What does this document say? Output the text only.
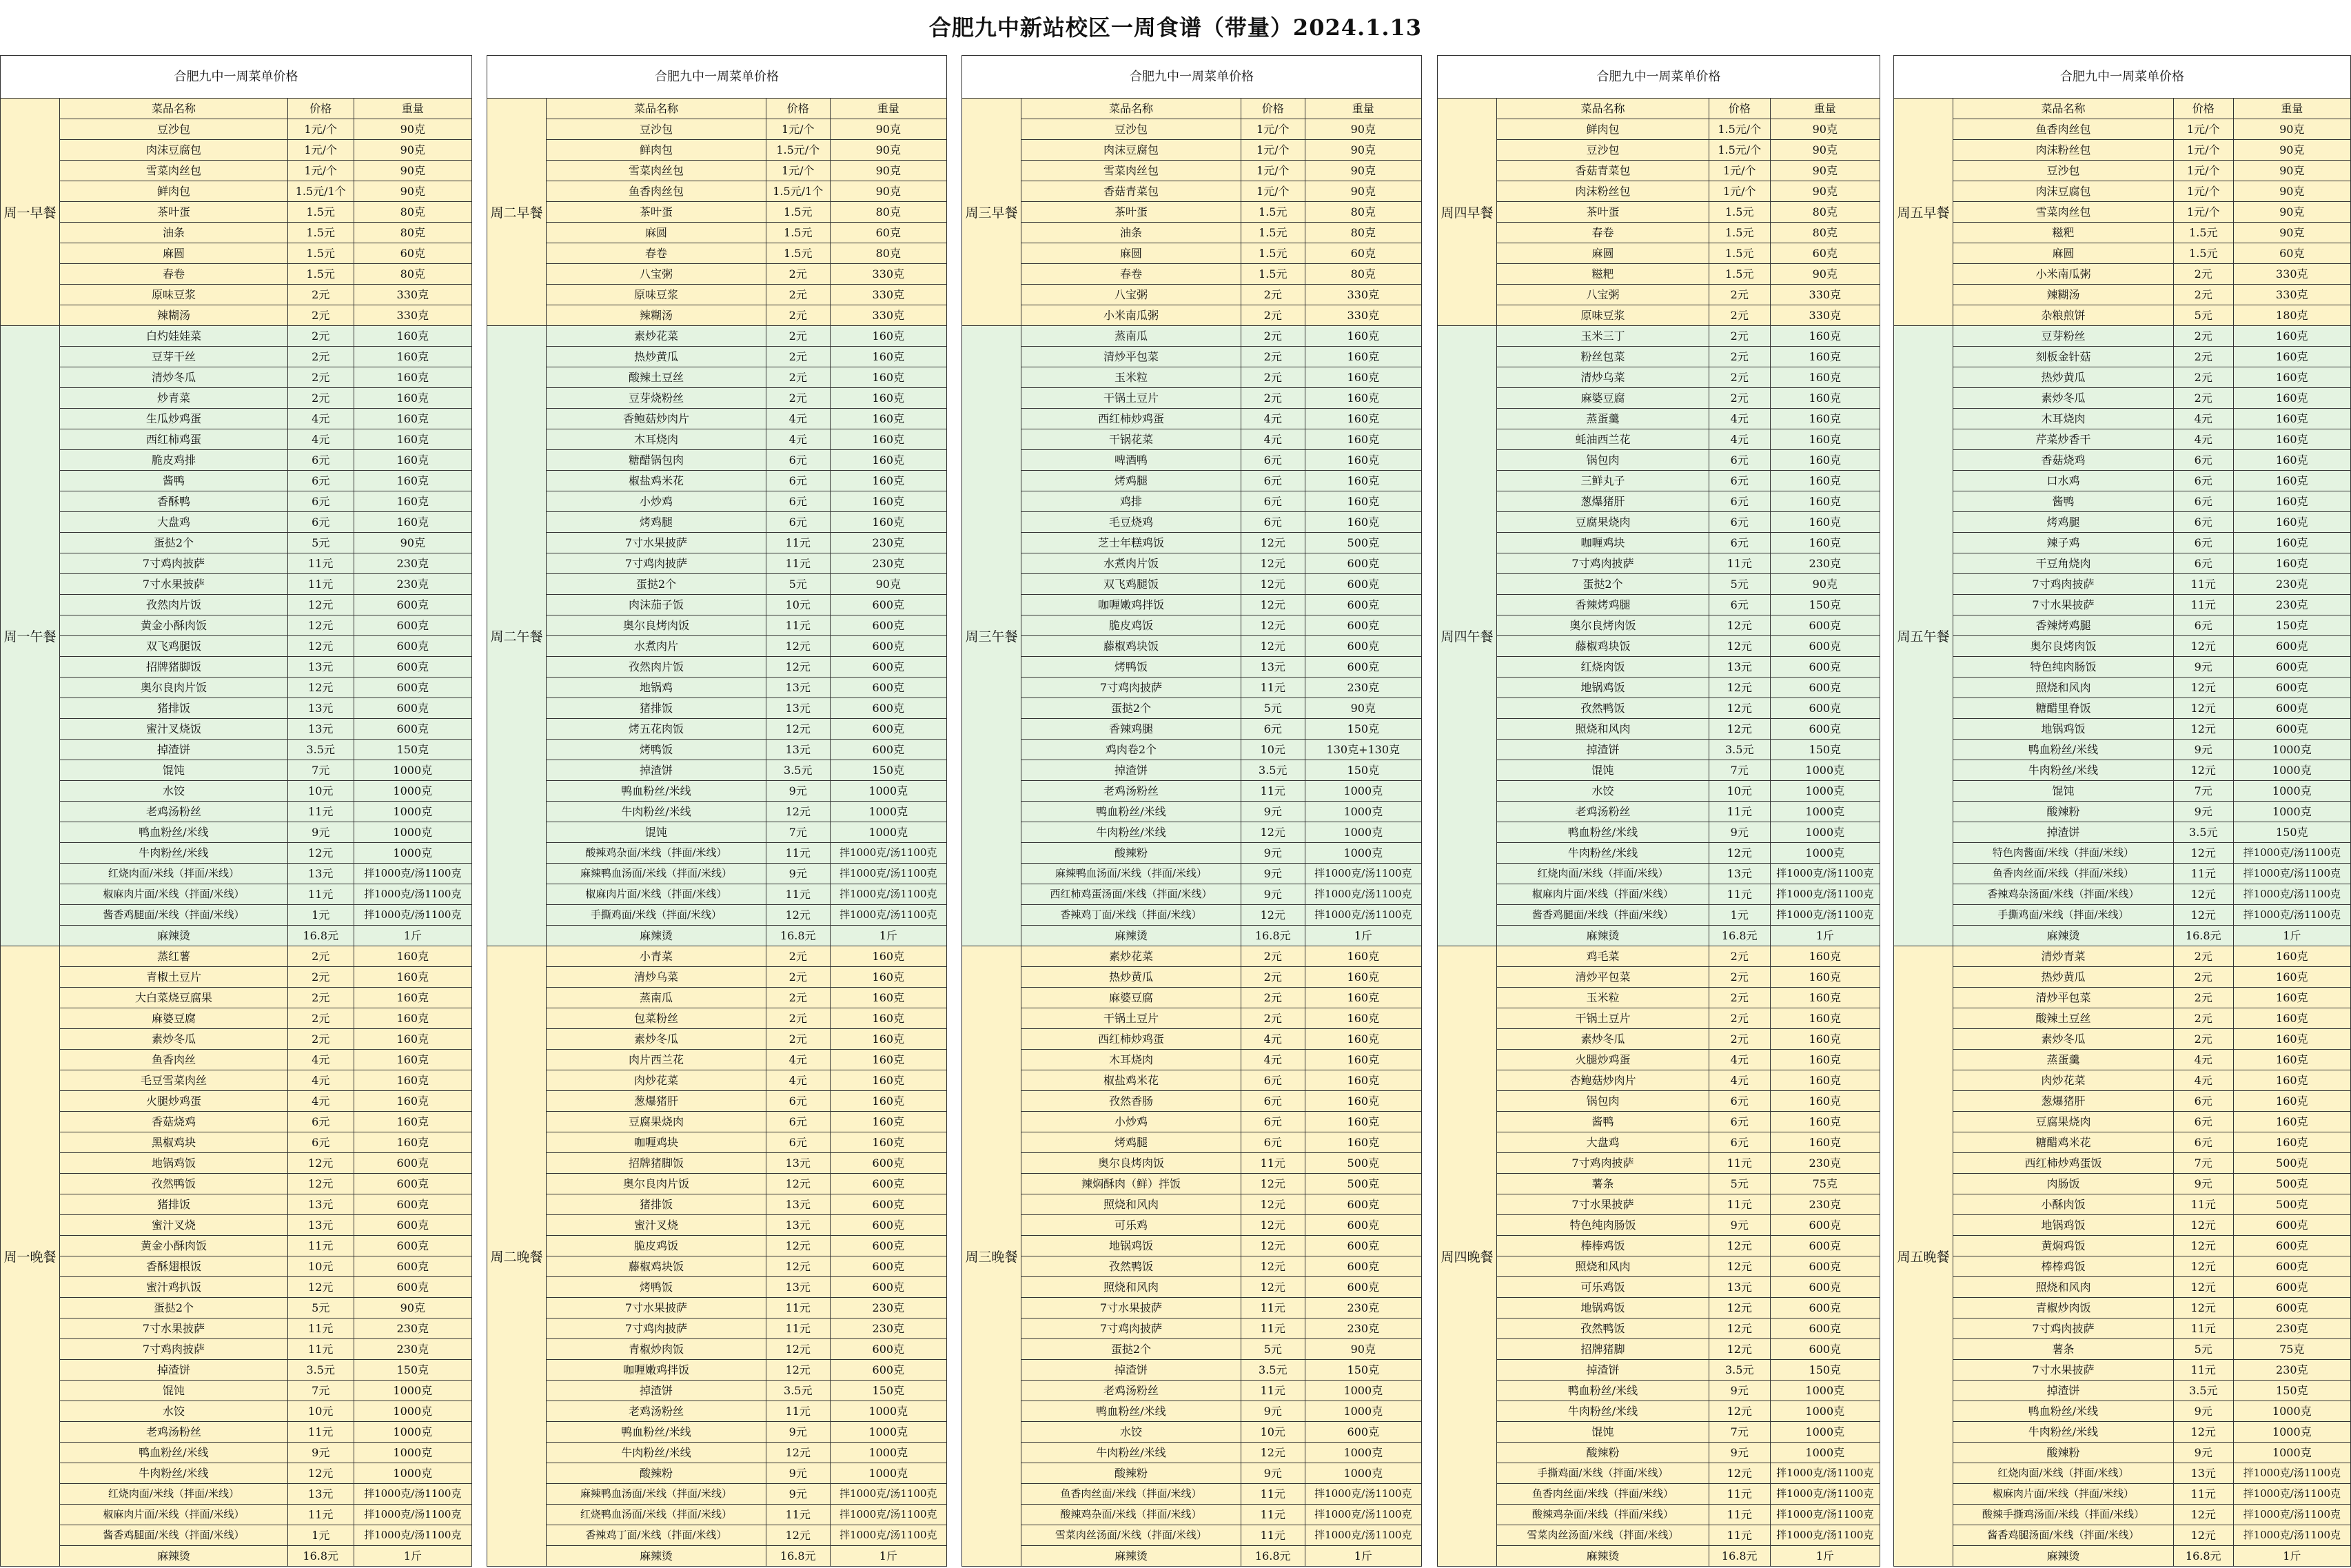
合肥九中新站校区一周食谱（带量）2024.1.13
合肥九中一周菜单价格
周一早餐
菜品名称	价格	重量
豆沙包	1元/个	90克
肉沫豆腐包	1元/个	90克
雪菜肉丝包	1元/个	90克
鲜肉包	1.5元/1个	90克
茶叶蛋	1.5元	80克
油条	1.5元	80克
麻圆	1.5元	60克
春卷	1.5元	80克
原味豆浆	2元	330克
辣糊汤	2元	330克
周一午餐
白灼娃娃菜	2元	160克
豆芽干丝	2元	160克
清炒冬瓜	2元	160克
炒青菜	2元	160克
生瓜炒鸡蛋	4元	160克
西红柿鸡蛋	4元	160克
脆皮鸡排	6元	160克
酱鸭	6元	160克
香酥鸭	6元	160克
大盘鸡	6元	160克
蛋挞2个	5元	90克
7寸鸡肉披萨	11元	230克
7寸水果披萨	11元	230克
孜然肉片饭	12元	600克
黄金小酥肉饭	12元	600克
双飞鸡腿饭	12元	600克
招牌猪脚饭	13元	600克
奥尔良肉片饭	12元	600克
猪排饭	13元	600克
蜜汁叉烧饭	13元	600克
掉渣饼	3.5元	150克
馄饨	7元	1000克
水饺	10元	1000克
老鸡汤粉丝	11元	1000克
鸭血粉丝/米线	9元	1000克
牛肉粉丝/米线	12元	1000克
红烧肉面/米线（拌面/米线）	13元	拌1000克/汤1100克
椒麻肉片面/米线（拌面/米线）	11元	拌1000克/汤1100克
酱香鸡腿面/米线（拌面/米线）	1元	拌1000克/汤1100克
麻辣烫	16.8元	1斤
周一晚餐
蒸红薯	2元	160克
青椒土豆片	2元	160克
大白菜烧豆腐果	2元	160克
麻婆豆腐	2元	160克
素炒冬瓜	2元	160克
鱼香肉丝	4元	160克
毛豆雪菜肉丝	4元	160克
火腿炒鸡蛋	4元	160克
香菇烧鸡	6元	160克
黑椒鸡块	6元	160克
地锅鸡饭	12元	600克
孜然鸭饭	12元	600克
猪排饭	13元	600克
蜜汁叉烧	13元	600克
黄金小酥肉饭	11元	600克
香酥翅根饭	10元	600克
蜜汁鸡扒饭	12元	600克
蛋挞2个	5元	90克
7寸水果披萨	11元	230克
7寸鸡肉披萨	11元	230克
掉渣饼	3.5元	150克
馄饨	7元	1000克
水饺	10元	1000克
老鸡汤粉丝	11元	1000克
鸭血粉丝/米线	9元	1000克
牛肉粉丝/米线	12元	1000克
红烧肉面/米线（拌面/米线）	13元	拌1000克/汤1100克
椒麻肉片面/米线（拌面/米线）	11元	拌1000克/汤1100克
酱香鸡腿面/米线（拌面/米线）	1元	拌1000克/汤1100克
麻辣烫	16.8元	1斤
合肥九中一周菜单价格
周二早餐
菜品名称	价格	重量
豆沙包	1元/个	90克
鲜肉包	1.5元/个	90克
雪菜肉丝包	1元/个	90克
鱼香肉丝包	1.5元/1个	90克
茶叶蛋	1.5元	80克
麻圆	1.5元	60克
春卷	1.5元	80克
八宝粥	2元	330克
原味豆浆	2元	330克
辣糊汤	2元	330克
周二午餐
素炒花菜	2元	160克
热炒黄瓜	2元	160克
酸辣土豆丝	2元	160克
豆芽烧粉丝	2元	160克
香鲍菇炒肉片	4元	160克
木耳烧肉	4元	160克
糖醋锅包肉	6元	160克
椒盐鸡米花	6元	160克
小炒鸡	6元	160克
烤鸡腿	6元	160克
7寸水果披萨	11元	230克
7寸鸡肉披萨	11元	230克
蛋挞2个	5元	90克
肉沫茄子饭	10元	600克
奥尔良烤肉饭	11元	600克
水煮肉片	12元	600克
孜然肉片饭	12元	600克
地锅鸡	13元	600克
猪排饭	13元	600克
烤五花肉饭	12元	600克
烤鸭饭	13元	600克
掉渣饼	3.5元	150克
鸭血粉丝/米线	9元	1000克
牛肉粉丝/米线	12元	1000克
馄饨	7元	1000克
酸辣鸡杂面/米线（拌面/米线）	11元	拌1000克/汤1100克
麻辣鸭血汤面/米线（拌面/米线）	9元	拌1000克/汤1100克
椒麻肉片面/米线（拌面/米线）	11元	拌1000克/汤1100克
手撕鸡面/米线（拌面/米线）	12元	拌1000克/汤1100克
麻辣烫	16.8元	1斤
周二晚餐
小青菜	2元	160克
清炒乌菜	2元	160克
蒸南瓜	2元	160克
包菜粉丝	2元	160克
素炒冬瓜	2元	160克
肉片西兰花	4元	160克
肉炒花菜	4元	160克
葱爆猪肝	6元	160克
豆腐果烧肉	6元	160克
咖喱鸡块	6元	160克
招牌猪脚饭	13元	600克
奥尔良肉片饭	12元	600克
猪排饭	13元	600克
蜜汁叉烧	13元	600克
脆皮鸡饭	12元	600克
藤椒鸡块饭	12元	600克
烤鸭饭	13元	600克
7寸水果披萨	11元	230克
7寸鸡肉披萨	11元	230克
青椒炒肉饭	12元	600克
咖喱嫩鸡拌饭	12元	600克
掉渣饼	3.5元	150克
老鸡汤粉丝	11元	1000克
鸭血粉丝/米线	9元	1000克
牛肉粉丝/米线	12元	1000克
酸辣粉	9元	1000克
麻辣鸭血汤面/米线（拌面/米线）	9元	拌1000克/汤1100克
红烧鸭血汤面/米线（拌面/米线）	11元	拌1000克/汤1100克
香辣鸡丁面/米线（拌面/米线）	12元	拌1000克/汤1100克
麻辣烫	16.8元	1斤
合肥九中一周菜单价格
周三早餐
菜品名称	价格	重量
豆沙包	1元/个	90克
肉沫豆腐包	1元/个	90克
雪菜肉丝包	1元/个	90克
香菇青菜包	1元/个	90克
茶叶蛋	1.5元	80克
油条	1.5元	80克
麻圆	1.5元	60克
春卷	1.5元	80克
八宝粥	2元	330克
小米南瓜粥	2元	330克
周三午餐
蒸南瓜	2元	160克
清炒平包菜	2元	160克
玉米粒	2元	160克
干锅土豆片	2元	160克
西红柿炒鸡蛋	4元	160克
干锅花菜	4元	160克
啤酒鸭	6元	160克
烤鸡腿	6元	160克
鸡排	6元	160克
毛豆烧鸡	6元	160克
芝士年糕鸡饭	12元	500克
水煮肉片饭	12元	600克
双飞鸡腿饭	12元	600克
咖喱嫩鸡拌饭	12元	600克
脆皮鸡饭	12元	600克
藤椒鸡块饭	12元	600克
烤鸭饭	13元	600克
7寸鸡肉披萨	11元	230克
蛋挞2个	5元	90克
香辣鸡腿	6元	150克
鸡肉卷2个	10元	130克+130克
掉渣饼	3.5元	150克
老鸡汤粉丝	11元	1000克
鸭血粉丝/米线	9元	1000克
牛肉粉丝/米线	12元	1000克
酸辣粉	9元	1000克
麻辣鸭血汤面/米线（拌面/米线）	9元	拌1000克/汤1100克
西红柿鸡蛋汤面/米线（拌面/米线）	9元	拌1000克/汤1100克
香辣鸡丁面/米线（拌面/米线）	12元	拌1000克/汤1100克
麻辣烫	16.8元	1斤
周三晚餐
素炒花菜	2元	160克
热炒黄瓜	2元	160克
麻婆豆腐	2元	160克
干锅土豆片	2元	160克
西红柿炒鸡蛋	4元	160克
木耳烧肉	4元	160克
椒盐鸡米花	6元	160克
孜然香肠	6元	160克
小炒鸡	6元	160克
烤鸡腿	6元	160克
奥尔良烤肉饭	11元	500克
辣焖酥肉（鲜）拌饭	12元	500克
照烧和风肉	12元	600克
可乐鸡	12元	600克
地锅鸡饭	12元	600克
孜然鸭饭	12元	600克
照烧和风肉	12元	600克
7寸水果披萨	11元	230克
7寸鸡肉披萨	11元	230克
蛋挞2个	5元	90克
掉渣饼	3.5元	150克
老鸡汤粉丝	11元	1000克
鸭血粉丝/米线	9元	1000克
水饺	10元	600克
牛肉粉丝/米线	12元	1000克
酸辣粉	9元	1000克
鱼香肉丝面/米线（拌面/米线）	11元	拌1000克/汤1100克
酸辣鸡杂面/米线（拌面/米线）	11元	拌1000克/汤1100克
雪菜肉丝汤面/米线（拌面/米线）	11元	拌1000克/汤1100克
麻辣烫	16.8元	1斤
合肥九中一周菜单价格
周四早餐
菜品名称	价格	重量
鲜肉包	1.5元/个	90克
豆沙包	1.5元/个	90克
香菇青菜包	1元/个	90克
肉沫粉丝包	1元/个	90克
茶叶蛋	1.5元	80克
春卷	1.5元	80克
麻圆	1.5元	60克
糍粑	1.5元	90克
八宝粥	2元	330克
原味豆浆	2元	330克
周四午餐
玉米三丁	2元	160克
粉丝包菜	2元	160克
清炒乌菜	2元	160克
麻婆豆腐	2元	160克
蒸蛋羹	4元	160克
蚝油西兰花	4元	160克
锅包肉	6元	160克
三鲜丸子	6元	160克
葱爆猪肝	6元	160克
豆腐果烧肉	6元	160克
咖喱鸡块	6元	160克
7寸鸡肉披萨	11元	230克
蛋挞2个	5元	90克
香辣烤鸡腿	6元	150克
奥尔良烤肉饭	12元	600克
藤椒鸡块饭	12元	600克
红烧肉饭	13元	600克
地锅鸡饭	12元	600克
孜然鸭饭	12元	600克
照烧和风肉	12元	600克
掉渣饼	3.5元	150克
馄饨	7元	1000克
水饺	10元	1000克
老鸡汤粉丝	11元	1000克
鸭血粉丝/米线	9元	1000克
牛肉粉丝/米线	12元	1000克
红烧肉面/米线（拌面/米线）	13元	拌1000克/汤1100克
椒麻肉片面/米线（拌面/米线）	11元	拌1000克/汤1100克
酱香鸡腿面/米线（拌面/米线）	1元	拌1000克/汤1100克
麻辣烫	16.8元	1斤
周四晚餐
鸡毛菜	2元	160克
清炒平包菜	2元	160克
玉米粒	2元	160克
干锅土豆片	2元	160克
素炒冬瓜	2元	160克
火腿炒鸡蛋	4元	160克
杏鲍菇炒肉片	4元	160克
锅包肉	6元	160克
酱鸭	6元	160克
大盘鸡	6元	160克
7寸鸡肉披萨	11元	230克
薯条	5元	75克
7寸水果披萨	11元	230克
特色纯肉肠饭	9元	600克
棒棒鸡饭	12元	600克
照烧和风肉	12元	600克
可乐鸡饭	13元	600克
地锅鸡饭	12元	600克
孜然鸭饭	12元	600克
招牌猪脚	12元	600克
掉渣饼	3.5元	150克
鸭血粉丝/米线	9元	1000克
牛肉粉丝/米线	12元	1000克
馄饨	7元	1000克
酸辣粉	9元	1000克
手撕鸡面/米线（拌面/米线）	12元	拌1000克/汤1100克
鱼香肉丝面/米线（拌面/米线）	11元	拌1000克/汤1100克
酸辣鸡杂面/米线（拌面/米线）	11元	拌1000克/汤1100克
雪菜肉丝汤面/米线（拌面/米线）	11元	拌1000克/汤1100克
麻辣烫	16.8元	1斤
合肥九中一周菜单价格
周五早餐
菜品名称	价格	重量
鱼香肉丝包	1元/个	90克
肉沫粉丝包	1元/个	90克
豆沙包	1元/个	90克
肉沫豆腐包	1元/个	90克
雪菜肉丝包	1元/个	90克
糍粑	1.5元	90克
麻圆	1.5元	60克
小米南瓜粥	2元	330克
辣糊汤	2元	330克
杂粮煎饼	5元	180克
周五午餐
豆芽粉丝	2元	160克
刻板金针菇	2元	160克
热炒黄瓜	2元	160克
素炒冬瓜	2元	160克
木耳烧肉	4元	160克
芹菜炒香干	4元	160克
香菇烧鸡	6元	160克
口水鸡	6元	160克
酱鸭	6元	160克
烤鸡腿	6元	160克
辣子鸡	6元	160克
干豆角烧肉	6元	160克
7寸鸡肉披萨	11元	230克
7寸水果披萨	11元	230克
香辣烤鸡腿	6元	150克
奥尔良烤肉饭	12元	600克
特色纯肉肠饭	9元	600克
照烧和风肉	12元	600克
糖醋里脊饭	12元	600克
地锅鸡饭	12元	600克
鸭血粉丝/米线	9元	1000克
牛肉粉丝/米线	12元	1000克
馄饨	7元	1000克
酸辣粉	9元	1000克
掉渣饼	3.5元	150克
特色肉酱面/米线（拌面/米线）	12元	拌1000克/汤1100克
鱼香肉丝面/米线（拌面/米线）	11元	拌1000克/汤1100克
香辣鸡杂汤面/米线（拌面/米线）	12元	拌1000克/汤1100克
手撕鸡面/米线（拌面/米线）	12元	拌1000克/汤1100克
麻辣烫	16.8元	1斤
周五晚餐
清炒青菜	2元	160克
热炒黄瓜	2元	160克
清炒平包菜	2元	160克
酸辣土豆丝	2元	160克
素炒冬瓜	2元	160克
蒸蛋羹	4元	160克
肉炒花菜	4元	160克
葱爆猪肝	6元	160克
豆腐果烧肉	6元	160克
糖醋鸡米花	6元	160克
西红柿炒鸡蛋饭	7元	500克
肉肠饭	9元	500克
小酥肉饭	11元	500克
地锅鸡饭	12元	600克
黄焖鸡饭	12元	600克
棒棒鸡饭	12元	600克
照烧和风肉	12元	600克
青椒炒肉饭	12元	600克
7寸鸡肉披萨	11元	230克
薯条	5元	75克
7寸水果披萨	11元	230克
掉渣饼	3.5元	150克
鸭血粉丝/米线	9元	1000克
牛肉粉丝/米线	12元	1000克
酸辣粉	9元	1000克
红烧肉面/米线（拌面/米线）	13元	拌1000克/汤1100克
椒麻肉片面/米线（拌面/米线）	11元	拌1000克/汤1100克
酸辣手撕鸡汤面/米线（拌面/米线）	12元	拌1000克/汤1100克
酱香鸡腿汤面/米线（拌面/米线）	12元	拌1000克/汤1100克
麻辣烫	16.8元	1斤
